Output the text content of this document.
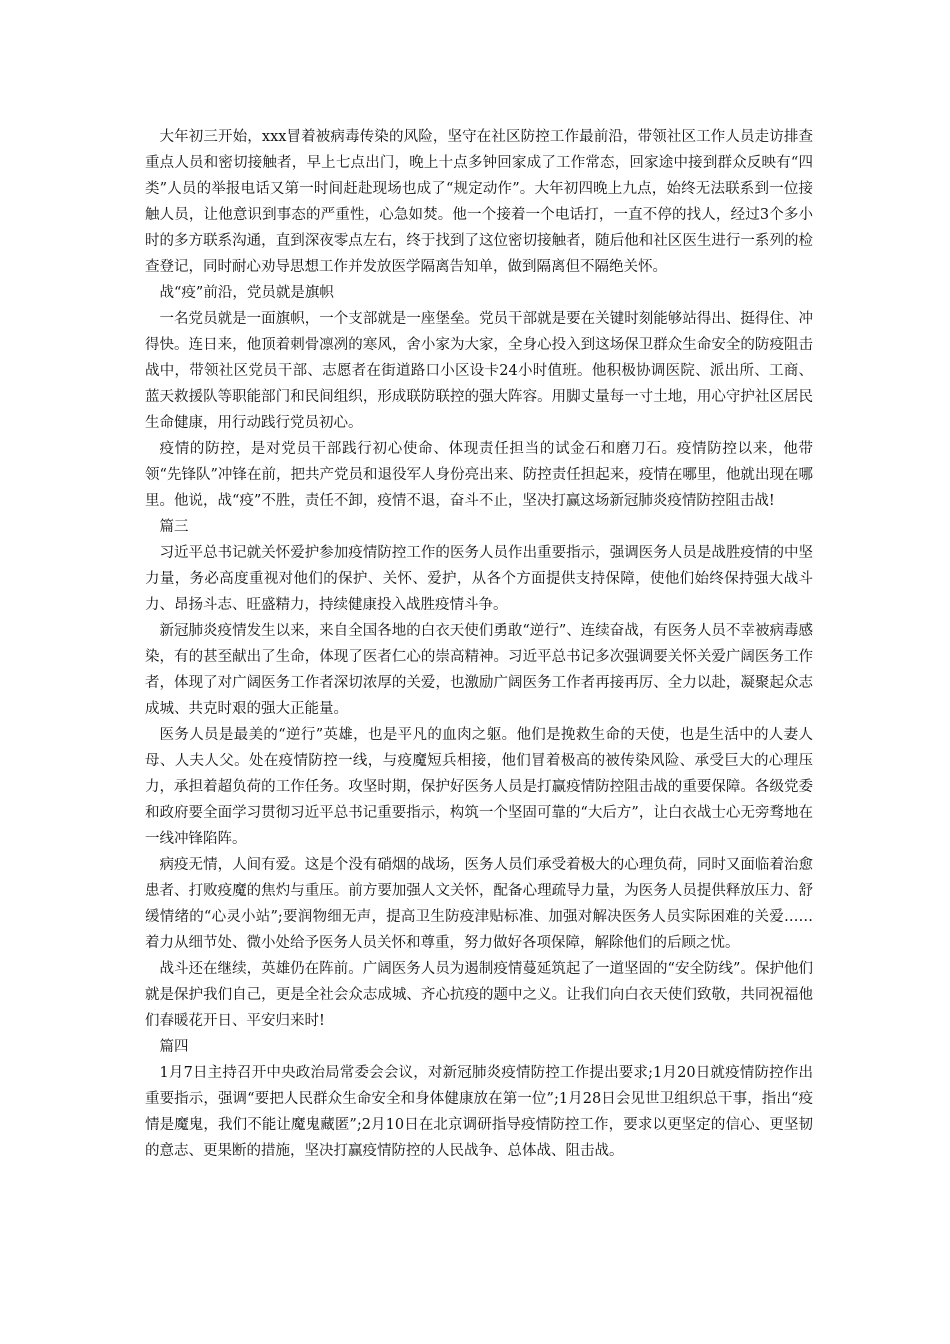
大年初三开始，xxx冒着被病毒传染的风险，坚守在社区防控工作最前沿，带领社区工作人员走访排查重点人员和密切接触者，早上七点出门，晚上十点多钟回家成了工作常态，回家途中接到群众反映有“四类”人员的举报电话又第一时间赶赴现场也成了“规定动作”。大年初四晚上九点，始终无法联系到一位接触人员，让他意识到事态的严重性，心急如焚。他一个接着一个电话打，一直不停的找人，经过3个多小时的多方联系沟通，直到深夜零点左右，终于找到了这位密切接触者，随后他和社区医生进行一系列的检查登记，同时耐心劝导思想工作并发放医学隔离告知单，做到隔离但不隔绝关怀。

战“疫”前沿，党员就是旗帜

一名党员就是一面旗帜，一个支部就是一座堡垒。党员干部就是要在关键时刻能够站得出、挺得住、冲得快。连日来，他顶着刺骨凛冽的寒风，舍小家为大家，全身心投入到这场保卫群众生命安全的防疫阻击战中，带领社区党员干部、志愿者在街道路口小区设卡24小时值班。他积极协调医院、派出所、工商、蓝天救援队等职能部门和民间组织，形成联防联控的强大阵容。用脚丈量每一寸土地，用心守护社区居民生命健康，用行动践行党员初心。

疫情的防控，是对党员干部践行初心使命、体现责任担当的试金石和磨刀石。疫情防控以来，他带领“先锋队”冲锋在前，把共产党员和退役军人身份亮出来、防控责任担起来，疫情在哪里，他就出现在哪里。他说，战“疫”不胜，责任不卸，疫情不退，奋斗不止，坚决打赢这场新冠肺炎疫情防控阻击战!

篇三

习近平总书记就关怀爱护参加疫情防控工作的医务人员作出重要指示，强调医务人员是战胜疫情的中坚力量，务必高度重视对他们的保护、关怀、爱护，从各个方面提供支持保障，使他们始终保持强大战斗力、昂扬斗志、旺盛精力，持续健康投入战胜疫情斗争。

新冠肺炎疫情发生以来，来自全国各地的白衣天使们勇敢“逆行”、连续奋战，有医务人员不幸被病毒感染，有的甚至献出了生命，体现了医者仁心的崇高精神。习近平总书记多次强调要关怀关爱广阔医务工作者，体现了对广阔医务工作者深切浓厚的关爱，也激励广阔医务工作者再接再厉、全力以赴，凝聚起众志成城、共克时艰的强大正能量。

医务人员是最美的“逆行”英雄，也是平凡的血肉之躯。他们是挽救生命的天使，也是生活中的人妻人母、人夫人父。处在疫情防控一线，与疫魔短兵相接，他们冒着极高的被传染风险、承受巨大的心理压力，承担着超负荷的工作任务。攻坚时期，保护好医务人员是打赢疫情防控阻击战的重要保障。各级党委和政府要全面学习贯彻习近平总书记重要指示，构筑一个坚固可靠的“大后方”，让白衣战士心无旁骛地在一线冲锋陷阵。

病疫无情，人间有爱。这是个没有硝烟的战场，医务人员们承受着极大的心理负荷，同时又面临着治愈患者、打败疫魔的焦灼与重压。前方要加强人文关怀，配备心理疏导力量，为医务人员提供释放压力、舒缓情绪的“心灵小站”;要润物细无声，提高卫生防疫津贴标准、加强对解决医务人员实际困难的关爱……着力从细节处、微小处给予医务人员关怀和尊重，努力做好各项保障，解除他们的后顾之忧。

战斗还在继续，英雄仍在阵前。广阔医务人员为遏制疫情蔓延筑起了一道坚固的“安全防线”。保护他们就是保护我们自己，更是全社会众志成城、齐心抗疫的题中之义。让我们向白衣天使们致敬，共同祝福他们春暖花开日、平安归来时!

篇四

1月7日主持召开中央政治局常委会会议，对新冠肺炎疫情防控工作提出要求;1月20日就疫情防控作出重要指示，强调“要把人民群众生命安全和身体健康放在第一位”;1月28日会见世卫组织总干事，指出“疫情是魔鬼，我们不能让魔鬼藏匿”;2月10日在北京调研指导疫情防控工作，要求以更坚定的信心、更坚韧的意志、更果断的措施，坚决打赢疫情防控的人民战争、总体战、阻击战。
